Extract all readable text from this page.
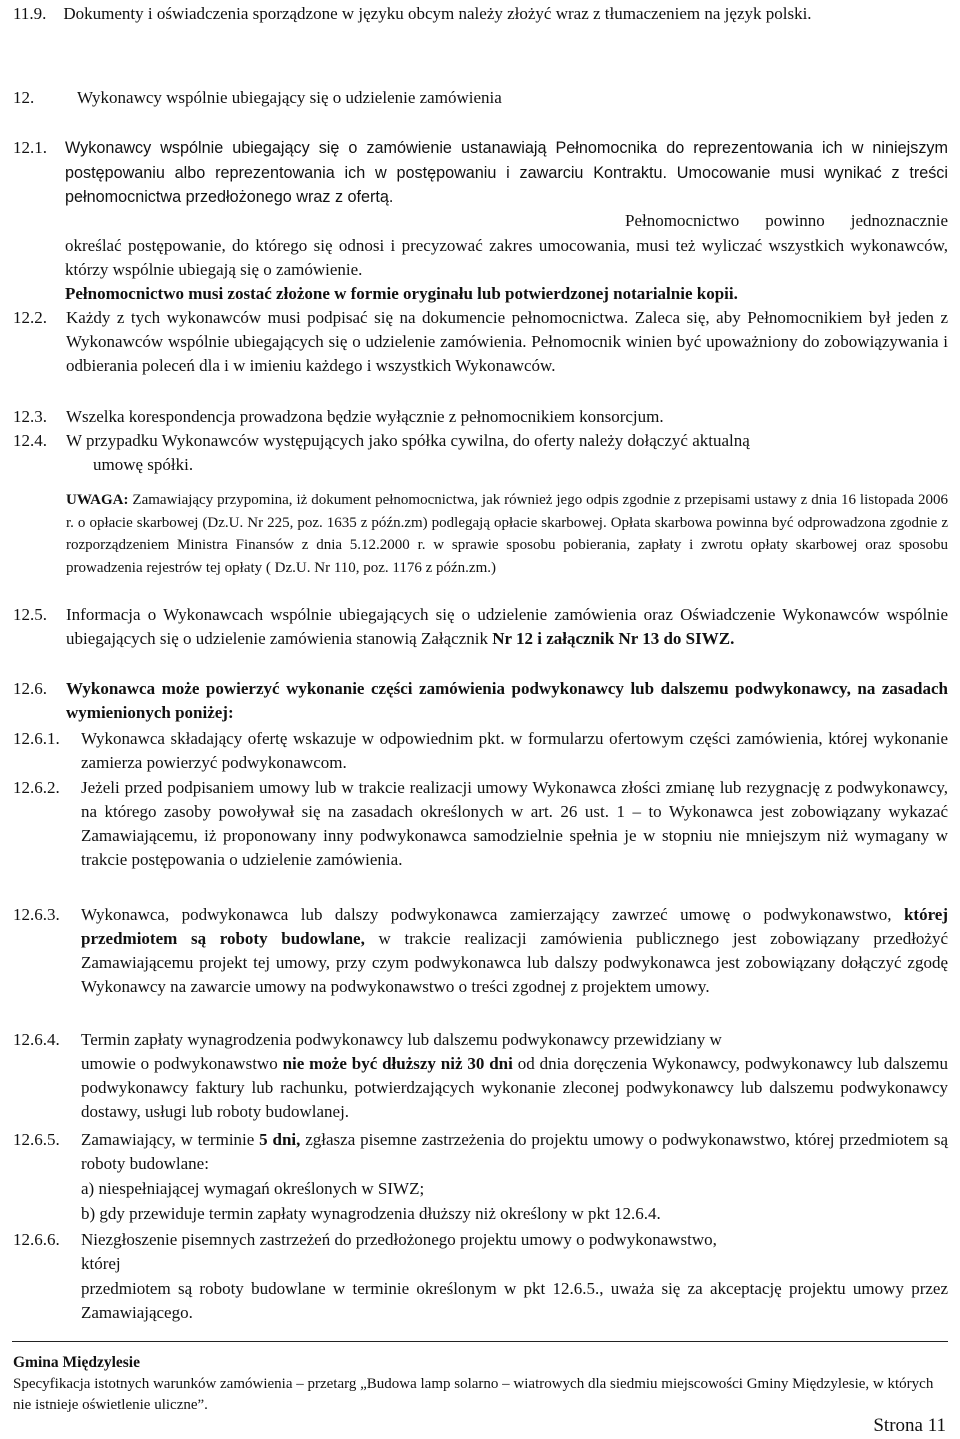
11.9. Dokumenty i oświadczenia sporządzone w języku obcym należy złożyć wraz z tłumaczeniem na język polski.
12.	Wykonawcy wspólnie ubiegający się o udzielenie zamówienia
Pełnomocnictwo powinno jednoznacznie określać postępowanie, do którego się odnosi i precyzować zakres umocowania, musi też wyliczać wszystkich wykonawców, którzy wspólnie ubiegają się o zamówienie.
Pełnomocnictwo musi zostać złożone w formie oryginału lub potwierdzonej notarialnie kopii.
12.2. Każdy z tych wykonawców musi podpisać się na dokumencie pełnomocnictwa. Zaleca się, aby Pełnomocnikiem był jeden z Wykonawców wspólnie ubiegających się o udzielenie zamówienia. Pełnomocnik winien być upoważniony do zobowiązywania i odbierania poleceń dla i w imieniu każdego i wszystkich Wykonawców.
12.3. Wszelka korespondencja prowadzona będzie wyłącznie z pełnomocnikiem konsorcjum.
12.4. W przypadku Wykonawców występujących jako spółka cywilna, do oferty należy dołączyć aktualną
umowę spółki.
UWAGA: Zamawiający przypomina, iż dokument pełnomocnictwa, jak również jego odpis zgodnie z przepisami ustawy z dnia 16 listopada 2006 r. o opłacie skarbowej (Dz.U. Nr 225, poz. 1635 z późn.zm) podlegają opłacie skarbowej. Opłata skarbowa powinna być odprowadzona zgodnie z rozporządzeniem Ministra Finansów z dnia 5.12.2000 r. w sprawie sposobu pobierania, zapłaty i zwrotu opłaty skarbowej oraz sposobu prowadzenia rejestrów tej opłaty ( Dz.U. Nr 110, poz. 1176 z późn.zm.)
12.5. Informacja o Wykonawcach wspólnie ubiegających się o udzielenie zamówienia oraz Oświadczenie Wykonawców wspólnie ubiegających się o udzielenie zamówienia stanowią Załącznik Nr 12 i załącznik Nr 13 do SIWZ.
12.6. Wykonawca może powierzyć wykonanie części zamówienia podwykonawcy lub dalszemu podwykonawcy, na zasadach wymienionych poniżej:
12.6.1. Wykonawca składający ofertę wskazuje w odpowiednim pkt. w formularzu ofertowym części zamówienia, której wykonanie zamierza powierzyć podwykonawcom.
12.6.2. Jeżeli przed podpisaniem umowy lub w trakcie realizacji umowy Wykonawca złości zmianę lub rezygnację z podwykonawcy, na którego zasoby powoływał się na zasadach określonych w art. 26 ust. 1 – to Wykonawca jest zobowiązany wykazać Zamawiającemu, iż proponowany inny podwykonawca samodzielnie spełnia je w stopniu nie mniejszym niż wymagany w trakcie postępowania o udzielenie zamówienia.
12.6.3. Wykonawca, podwykonawca lub dalszy podwykonawca zamierzający zawrzeć umowę o podwykonawstwo, której przedmiotem są roboty budowlane, w trakcie realizacji zamówienia publicznego jest zobowiązany przedłożyć Zamawiającemu projekt tej umowy, przy czym podwykonawca lub dalszy podwykonawca jest zobowiązany dołączyć zgodę Wykonawcy na zawarcie umowy na podwykonawstwo o treści zgodnej z projektem umowy.
12.6.4. Termin zapłaty wynagrodzenia podwykonawcy lub dalszemu podwykonawcy przewidziany w
umowie o podwykonawstwo nie może być dłuższy niż 30 dni od dnia doręczenia Wykonawcy, podwykonawcy lub dalszemu podwykonawcy faktury lub rachunku, potwierdzających wykonanie zleconej podwykonawcy lub dalszemu podwykonawcy dostawy, usługi lub roboty budowlanej.
12.6.5. Zamawiający, w terminie 5 dni, zgłasza pisemne zastrzeżenia do projektu umowy o podwykonawstwo, której przedmiotem są roboty budowlane:
a) niespełniającej wymagań określonych w SIWZ;
b) gdy przewiduje termin zapłaty wynagrodzenia dłuższy niż określony w pkt 12.6.4.
12.6.6. Niezgłoszenie pisemnych zastrzeżeń do przedłożonego projektu umowy o podwykonawstwo,
której
przedmiotem są roboty budowlane w terminie określonym w pkt 12.6.5., uważa się za akceptację projektu umowy przez Zamawiającego.
Gmina Międzylesie
Specyfikacja istotnych warunków zamówienia – przetarg „Budowa lamp solarno – wiatrowych dla siedmiu miejscowości Gminy Międzylesie, w których nie istnieje oświetlenie uliczne”.
Strona 11
Wykonawcy wspólnie ubiegający się o zamówienie ustanawiają Pełnomocnika do reprezentowania ich w niniejszym postępowaniu albo reprezentowania ich w postępowaniu i zawarciu Kontraktu. Umocowanie musi wynikać z treści pełnomocnictwa przedłożonego wraz z ofertą.
12.1.
